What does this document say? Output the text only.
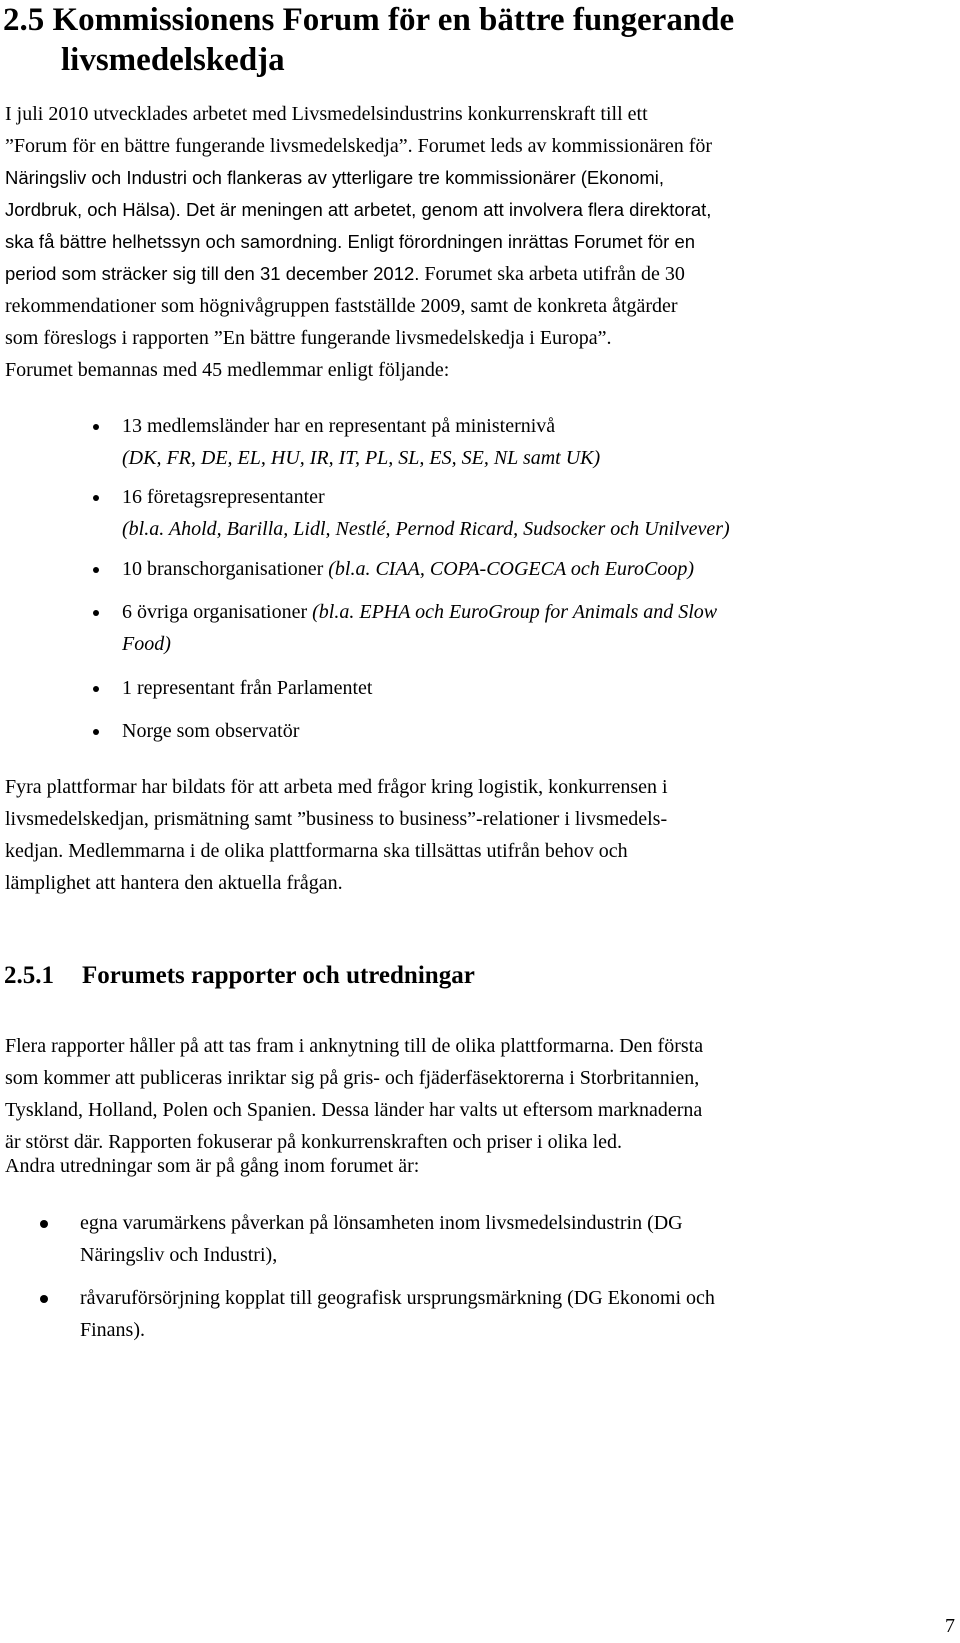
2.5 Kommissionens Forum för en bättre fungerande
livsmedelskedja
I juli 2010 utvecklades arbetet med Livsmedelsindustrins konkurrenskraft till ett
”Forum för en bättre fungerande livsmedelskedja”. Forumet leds av kommissionären för
Näringsliv och Industri och flankeras av ytterligare tre kommissionärer (Ekonomi,
Jordbruk, och Hälsa). Det är meningen att arbetet, genom att involvera flera direktorat,
ska få bättre helhetssyn och samordning. Enligt förordningen inrättas Forumet för en
period som sträcker sig till den 31 december 2012. Forumet ska arbeta utifrån de 30
rekommendationer som högnivågruppen fastställde 2009, samt de konkreta åtgärder
som föreslogs i rapporten ”En bättre fungerande livsmedelskedja i Europa”.
Forumet bemannas med 45 medlemmar enligt följande:
13 medlemsländer har en representant på ministernivå
(DK, FR, DE, EL, HU, IR, IT, PL, SL, ES, SE, NL samt UK)
16 företagsrepresentanter
(bl.a. Ahold, Barilla, Lidl, Nestlé, Pernod Ricard, Sudsocker och Unilvever)
10 branschorganisationer (bl.a. CIAA, COPA-COGECA och EuroCoop)
6 övriga organisationer (bl.a. EPHA och EuroGroup for Animals and Slow
Food)
1 representant från Parlamentet
Norge som observatör
Fyra plattformar har bildats för att arbeta med frågor kring logistik, konkurrensen i
livsmedelskedjan, prismätning samt ”business to business”-relationer i livsmedels-
kedjan. Medlemmarna i de olika plattformarna ska tillsättas utifrån behov och
lämplighet att hantera den aktuella frågan.
2.5.1 Forumets rapporter och utredningar
Flera rapporter håller på att tas fram i anknytning till de olika plattformarna. Den första
som kommer att publiceras inriktar sig på gris- och fjäderfäsektorerna i Storbritannien,
Tyskland, Holland, Polen och Spanien. Dessa länder har valts ut eftersom marknaderna
är störst där. Rapporten fokuserar på konkurrenskraften och priser i olika led.
Andra utredningar som är på gång inom forumet är:
egna varumärkens påverkan på lönsamheten inom livsmedelsindustrin (DG
Näringsliv och Industri),
råvaruförsörjning kopplat till geografisk ursprungsmärkning (DG Ekonomi och
Finans).
7
